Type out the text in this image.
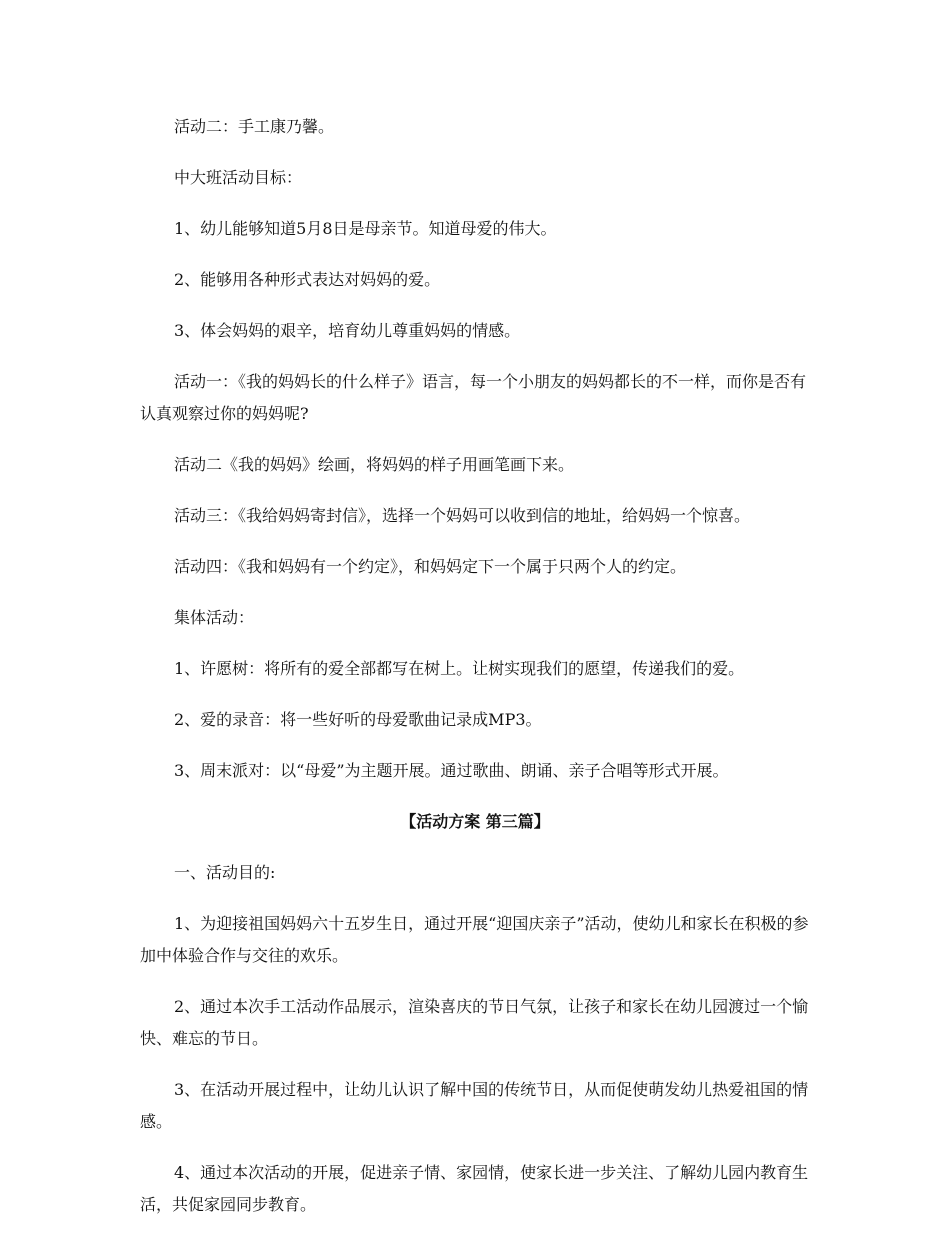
活动二：手工康乃馨。

中大班活动目标：

1、幼儿能够知道5月8日是母亲节。知道母爱的伟大。

2、能够用各种形式表达对妈妈的爱。

3、体会妈妈的艰辛，培育幼儿尊重妈妈的情感。

活动一：《我的妈妈长的什么样子》语言，每一个小朋友的妈妈都长的不一样，而你是否有认真观察过你的妈妈呢?

活动二《我的妈妈》绘画，将妈妈的样子用画笔画下来。

活动三：《我给妈妈寄封信》，选择一个妈妈可以收到信的地址，给妈妈一个惊喜。

活动四：《我和妈妈有一个约定》，和妈妈定下一个属于只两个人的约定。

集体活动：

1、许愿树：将所有的爱全部都写在树上。让树实现我们的愿望，传递我们的爱。

2、爱的录音：将一些好听的母爱歌曲记录成MP3。

3、周末派对：以“母爱”为主题开展。通过歌曲、朗诵、亲子合唱等形式开展。

【活动方案 第三篇】

一、活动目的:

1、为迎接祖国妈妈六十五岁生日，通过开展“迎国庆亲子”活动，使幼儿和家长在积极的参加中体验合作与交往的欢乐。

2、通过本次手工活动作品展示，渲染喜庆的节日气氛，让孩子和家长在幼儿园渡过一个愉快、难忘的节日。

3、在活动开展过程中，让幼儿认识了解中国的传统节日，从而促使萌发幼儿热爱祖国的情感。

4、通过本次活动的开展，促进亲子情、家园情，使家长进一步关注、了解幼儿园内教育生活，共促家园同步教育。
